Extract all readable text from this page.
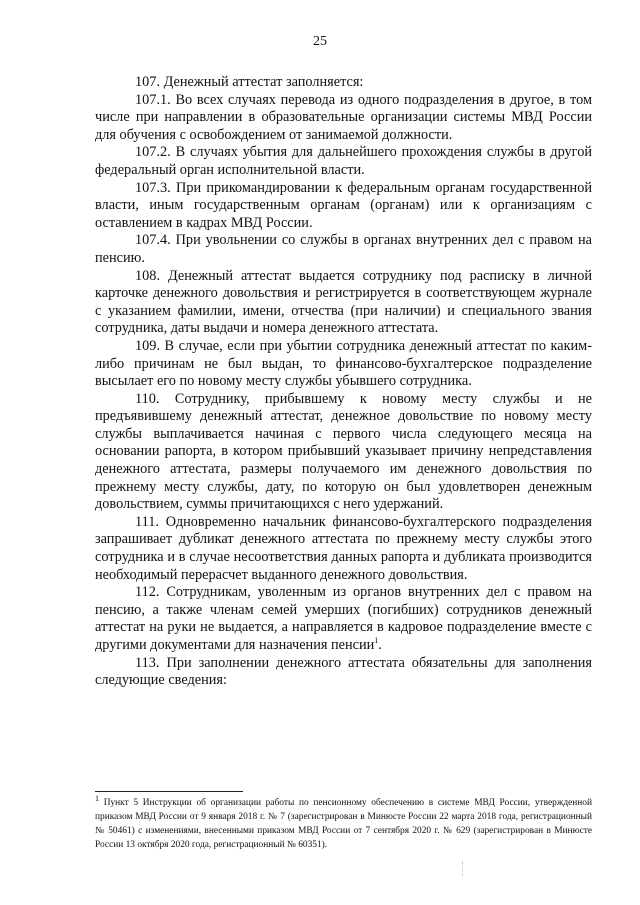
25

107. Денежный аттестат заполняется:

107.1. Во всех случаях перевода из одного подразделения в другое, в том числе при направлении в образовательные организации системы МВД России для обучения с освобождением от занимаемой должности.

107.2. В случаях убытия для дальнейшего прохождения службы в другой федеральный орган исполнительной власти.

107.3. При прикомандировании к федеральным органам государственной власти, иным государственным органам (органам) или к организациям с оставлением в кадрах МВД России.

107.4. При увольнении со службы в органах внутренних дел с правом на пенсию.

108. Денежный аттестат выдается сотруднику под расписку в личной карточке денежного довольствия и регистрируется в соответствующем журнале с указанием фамилии, имени, отчества (при наличии) и специального звания сотрудника, даты выдачи и номера денежного аттестата.

109. В случае, если при убытии сотрудника денежный аттестат по каким-либо причинам не был выдан, то финансово-бухгалтерское подразделение высылает его по новому месту службы убывшего сотрудника.

110. Сотруднику, прибывшему к новому месту службы и не предъявившему денежный аттестат, денежное довольствие по новому месту службы выплачивается начиная с первого числа следующего месяца на основании рапорта, в котором прибывший указывает причину непредставления денежного аттестата, размеры получаемого им денежного довольствия по прежнему месту службы, дату, по которую он был удовлетворен денежным довольствием, суммы причитающихся с него удержаний.

111. Одновременно начальник финансово-бухгалтерского подразделения запрашивает дубликат денежного аттестата по прежнему месту службы этого сотрудника и в случае несоответствия данных рапорта и дубликата производится необходимый перерасчет выданного денежного довольствия.

112. Сотрудникам, уволенным из органов внутренних дел с правом на пенсию, а также членам семей умерших (погибших) сотрудников денежный аттестат на руки не выдается, а направляется в кадровое подразделение вместе с другими документами для назначения пенсии$^1$.

113. При заполнении денежного аттестата обязательны для заполнения следующие сведения:

$^1$ Пункт 5 Инструкции об организации работы по пенсионному обеспечению в системе МВД России, утвержденной приказом МВД России от 9 января 2018 г. № 7 (зарегистрирован в Минюсте России 22 марта 2018 года, регистрационный № 50461) с изменениями, внесенными приказом МВД России от 7 сентября 2020 г. № 629 (зарегистрирован в Минюсте России 13 октября 2020 года, регистрационный № 60351).
